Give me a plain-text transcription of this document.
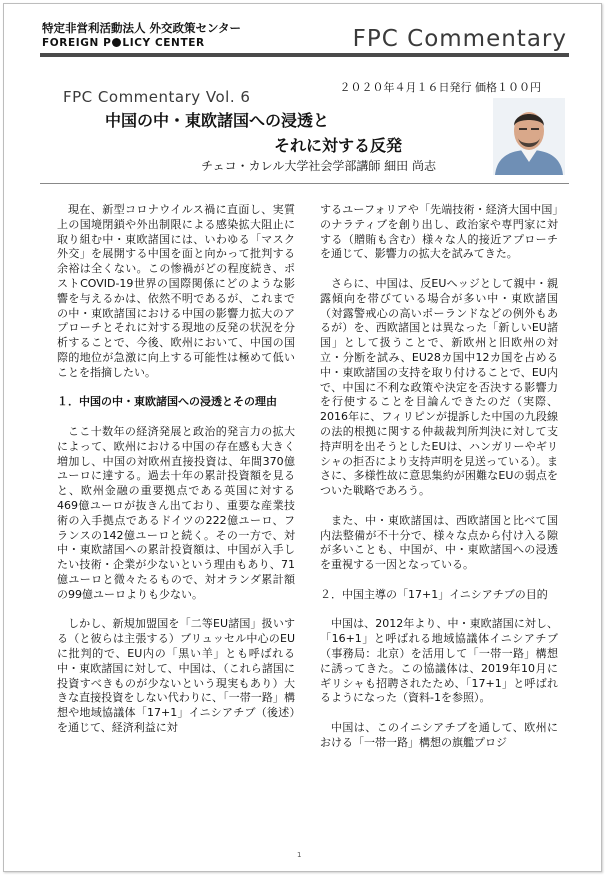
特定非営利活動法人 外交政策センター
FOREIGN P LICY CENTER	FPC Commentary
２０２０年４月１６日発行 価格１００円
FPC Commentary Vol. 6
中国の中・東欧諸国への浸透と
それに対する反発
チェコ・カレル大学社会学部講師 細田 尚志

現在、新型コロナウイルス禍に直面し、実質上の国境閉鎖や外出制限による感染拡大阻止に取り組む中・東欧諸国には、いわゆる「マスク外交」を展開する中国を面と向かって批判する余裕は全くない。この惨禍がどの程度続き、ポストCOVID-19世界の国際関係にどのような影響を与えるかは、依然不明であるが、これまでの中・東欧諸国における中国の影響力拡大のアプローチとそれに対する現地の反発の状況を分析することで、今後、欧州において、中国の国際的地位が急激に向上する可能性は極めて低いことを指摘したい。

１．中国の中・東欧諸国への浸透とその理由

ここ十数年の経済発展と政治的発言力の拡大によって、欧州における中国の存在感も大きく増加し、中国の対欧州直接投資は、年間370億ユーロに達する。過去十年の累計投資額を見ると、欧州金融の重要拠点である英国に対する469億ユーロが抜きん出ており、重要な産業技術の入手拠点であるドイツの222億ユーロ、フランスの142億ユーロと続く。その一方で、対中・東欧諸国への累計投資額は、中国が入手したい技術・企業が少ないという理由もあり、71億ユーロと微々たるもので、対オランダ累計額の99億ユーロよりも少ない。

しかし、新規加盟国を「二等EU諸国」扱いする（と彼らは主張する）ブリュッセル中心のEUに批判的で、EU内の「黒い羊」とも呼ばれる中・東欧諸国に対して、中国は、（これら諸国に投資すべきものが少ないという現実もあり）大きな直接投資をしない代わりに、「一帯一路」構想や地域協議体「17+1」イニシアチブ（後述）を通じて、経済利益に対

するユーフォリアや「先端技術・経済大国中国」のナラティブを創り出し、政治家や専門家に対する（贈賄も含む）様々な人的接近アプローチを通じて、影響力の拡大を試みてきた。

さらに、中国は、反EUヘッジとして親中・親露傾向を帯びている場合が多い中・東欧諸国（対露警戒心の高いポーランドなどの例外もあるが）を、西欧諸国とは異なった「新しいEU諸国」として扱うことで、新欧州と旧欧州の対立・分断を試み、EU28カ国中12カ国を占める中・東欧諸国の支持を取り付けることで、EU内で、中国に不利な政策や決定を否決する影響力を行使することを目論んできたのだ（実際、2016年に、フィリピンが提訴した中国の九段線の法的根拠に関する仲裁裁判所判決に対して支持声明を出そうとしたEUは、ハンガリーやギリシャの拒否により支持声明を見送っている）。まさに、多様性故に意思集約が困難なEUの弱点をついた戦略であろう。

また、中・東欧諸国は、西欧諸国と比べて国内法整備が不十分で、様々な点から付け入る隙が多いことも、中国が、中・東欧諸国への浸透を重視する一因となっている。

２．中国主導の「17+1」イニシアチブの目的

中国は、2012年より、中・東欧諸国に対し、「16+1」と呼ばれる地域協議体イニシアチブ（事務局：北京）を活用して「一帯一路」構想に誘ってきた。この協議体は、2019年10月にギリシャも招聘されたため、「17+1」と呼ばれるようになった（資料-1を参照）。

中国は、このイニシアチブを通して、欧州における「一帯一路」構想の旗艦プロジ

1
